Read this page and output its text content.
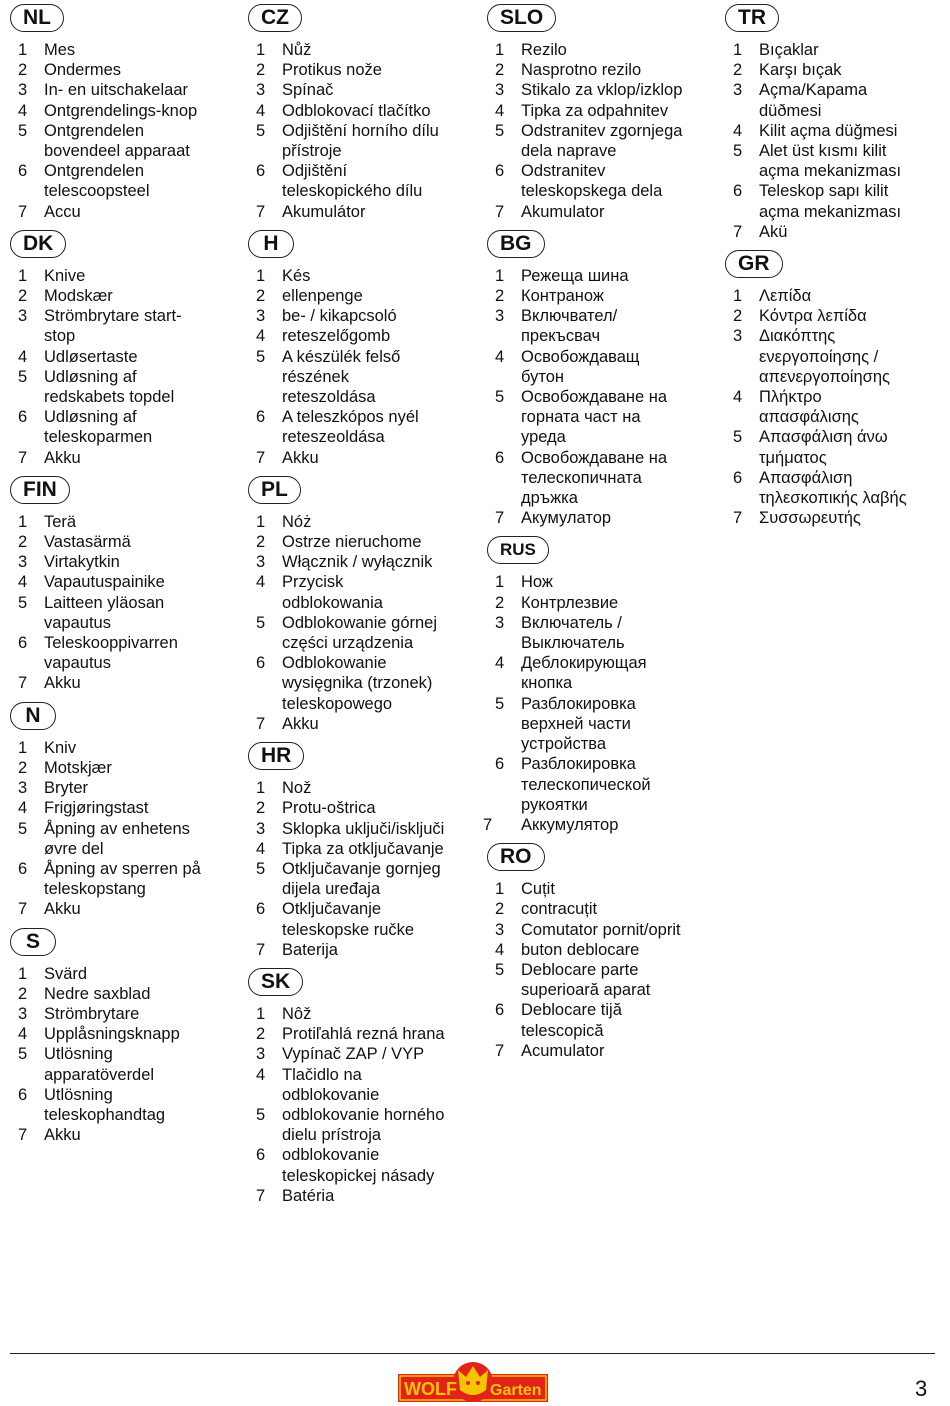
NL
1 Mes
2 Ondermes
3 In- en uitschakelaar
4 Ontgrendelings-knop
5 Ontgrendelen
bovendeel apparaat
6 Ontgrendelen
telescoopsteel
7 Accu
DK
1 Knive
2 Modskær
3 Strömbrytare start-
stop
4 Udløsertaste
5 Udløsning af
redskabets topdel
6 Udløsning af
teleskoparmen
7 Akku
FIN
1 Terä
2 Vastasärmä
3 Virtakytkin
4 Vapautuspainike
5 Laitteen yläosan
vapautus
6 Teleskooppivarren
vapautus
7 Akku
N
1 Kniv
2 Motskjær
3 Bryter
4 Frigjøringstast
5 Åpning av enhetens
øvre del
6 Åpning av sperren på
teleskopstang
7 Akku
S
1 Svärd
2 Nedre saxblad
3 Strömbrytare
4 Upplåsningsknapp
5 Utlösning
apparatöverdel
6 Utlösning
teleskophandtag
7 Akku
CZ
1 Nůž
2 Protikus nože
3 Spínač
4 Odblokovací tlačítko
5 Odjištění horního dílu
přístroje
6 Odjištění
teleskopického dílu
7 Akumulátor
H
1 Kés
2 ellenpenge
3 be- / kikapcsoló
4 reteszelőgomb
5 A készülék felső
részének
reteszoldása
6 A teleszkópos nyél
reteszeoldása
7 Akku
PL
1 Nóż
2 Ostrze nieruchome
3 Włącznik / wyłącznik
4 Przycisk
odblokowania
5 Odblokowanie górnej
części urządzenia
6 Odblokowanie
wysięgnika (trzonek)
teleskopowego
7 Akku
HR
1 Nož
2 Protu-oštrica
3 Sklopka uključi/isključi
4 Tipka za otključavanje
5 Otključavanje gornjeg
dijela uređaja
6 Otključavanje
teleskopske ručke
7 Baterija
SK
1 Nôž
2 Protiľahlá rezná hrana
3 Vypínač ZAP / VYP
4 Tlačidlo na
odblokovanie
5 odblokovanie horného
dielu prístroja
6 odblokovanie
teleskopickej násady
7 Batéria
SLO
1 Rezilo
2 Nasprotno rezilo
3 Stikalo za vklop/izklop
4 Tipka za odpahnitev
5 Odstranitev zgornjega
dela naprave
6 Odstranitev
teleskopskega dela
7 Akumulator
BG
1 Режеща шина
2 Контранож
3 Включвател/
прекъсвач
4 Освобождаващ
бутон
5 Освобождаване на
горната част на
уреда
6 Освобождаване на
телескопичната
дръжка
7 Акумулатор
RUS
1 Нож
2 Контрлезвие
3 Включатель /
Выключатель
4 Деблокирующая
кнопка
5 Разблокировка
верхней части
устройства
6 Разблокировка
телескопической
рукоятки
7 Аккумулятор
RO
1 Cuțit
2 contracuțit
3 Comutator pornit/oprit
4 buton deblocare
5 Deblocare parte
superioară aparat
6 Deblocare tijă
telescopică
7 Acumulator
TR
1 Bıçaklar
2 Karşı bıçak
3 Açma/Kapama
düðmesi
4 Kilit açma düğmesi
5 Alet üst kısmı kilit
açma mekanizması
6 Teleskop sapı kilit
açma mekanizması
7 Akü
GR
1 Λεπίδα
2 Κόντρα λεπίδα
3 Διακόπτης
ενεργοποίησης /
απενεργοποίησης
4 Πλήκτρο
απασφάλισης
5 Απασφάλιση άνω
τμήματος
6 Απασφάλιση
τηλεσκοπικής λαβής
7 Συσσωρευτής
WOLF Garten	3
